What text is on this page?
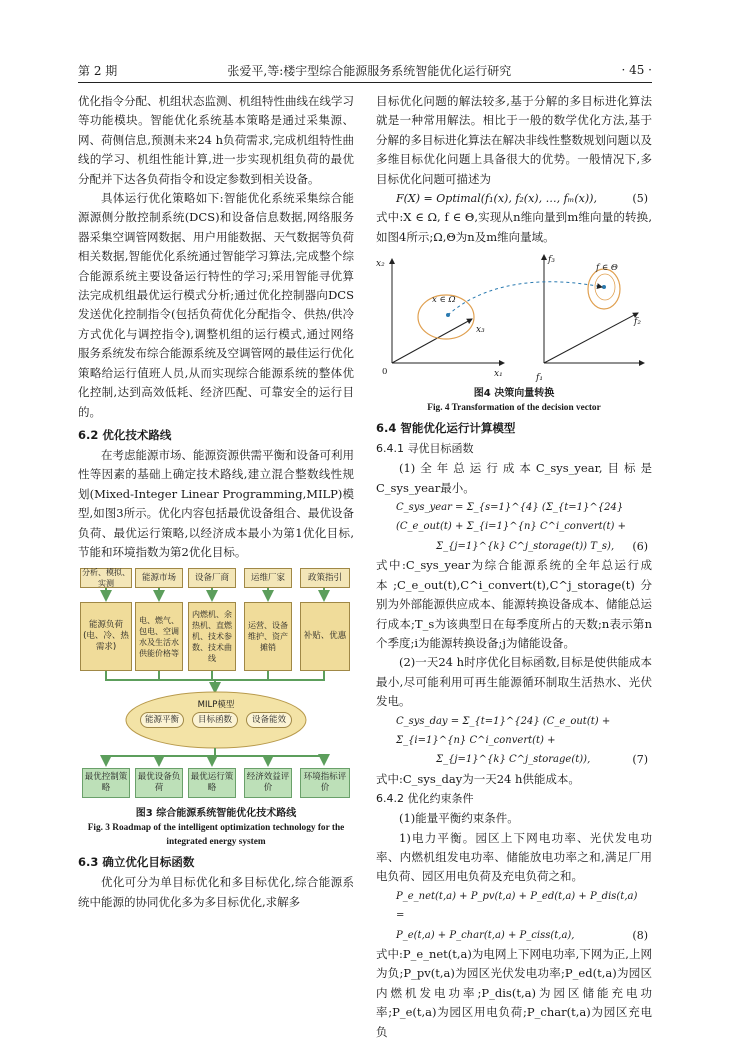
第 2 期	张爱平,等:楼宇型综合能源服务系统智能优化运行研究	· 45 ·

优化指令分配、机组状态监测、机组特性曲线在线学习等功能模块。智能优化系统基本策略是通过采集源、网、荷侧信息,预测未来24 h负荷需求,完成机组特性曲线的学习、机组性能计算,进一步实现机组负荷的最优分配并下达各负荷指令和设定参数到相关设备。

具体运行优化策略如下:智能优化系统采集综合能源源侧分散控制系统(DCS)和设备信息数据,网络服务器采集空调管网数据、用户用能数据、天气数据等负荷相关数据,智能优化系统通过智能学习算法,完成整个综合能源系统主要设备运行特性的学习;采用智能寻优算法完成机组最优运行模式分析;通过优化控制器向DCS发送优化控制指令(包括负荷优化分配指令、供热/供冷方式优化与调控指令),调整机组的运行模式,通过网络服务系统发布综合能源系统及空调管网的最佳运行优化策略给运行值班人员,从而实现综合能源系统的整体优化控制,达到高效低耗、经济匹配、可靠安全的运行目的。

6.2 优化技术路线

在考虑能源市场、能源资源供需平衡和设备可利用性等因素的基础上确定技术路线,建立混合整数线性规划(Mixed-Integer Linear Programming,MILP)模型,如图3所示。优化内容包括最优设备组合、最优设备负荷、最优运行策略,以经济成本最小为第1优化目标,节能和环境指数为第2优化目标。

分析、模拟、实测
能源市场	设备厂商	运维厂家	政策指引
能源负荷(电、冷、热需求)
电、燃气、包电、空调水及生活水供能价格等
内燃机、余热机、直燃机、技术参数、技术曲线
运营、设备维护、资产摊销
补贴、优惠
MILP模型
能源平衡	目标函数	设备能效
最优控制策略
最优设备负荷
最优运行策略
经济效益评价
环境指标评价
图3 综合能源系统智能优化技术路线
Fig. 3 Roadmap of the intelligent optimization technology for the integrated energy system
6.3 确立优化目标函数

优化可分为单目标优化和多目标优化,综合能源系统中能源的协同优化多为多目标优化,求解多

目标优化问题的解法较多,基于分解的多目标进化算法就是一种常用解法。相比于一般的数学优化方法,基于分解的多目标进化算法在解决非线性整数规划问题以及多维目标优化问题上具备很大的优势。一般情况下,多目标优化问题可描述为

F(X) = Optimal(f₁(x), f₂(x), …, fₘ(x)),	(5)

式中:X ∈ Ω, f ∈ Θ,实现从n维向量到m维向量的转换,如图4所示;Ω,Θ为n及m维向量域。

x₂
x₃
x₁
f₃
f₂
f₁
x ∈ Ω
f ∈ Θ
0
图4 决策向量转换
Fig. 4 Transformation of the decision vector
6.4 智能优化运行计算模型
6.4.1 寻优目标函数

(1)全年总运行成本C_sys_year,目标是C_sys_year最小。

C_sys_year = Σ_{s=1}^{4} (Σ_{t=1}^{24} (C_e_out(t) + Σ_{i=1}^{n} C^i_convert(t) +
Σ_{j=1}^{k} C^j_storage(t)) T_s), (6)

式中:C_sys_year为综合能源系统的全年总运行成本;C_e_out(t),C^i_convert(t),C^j_storage(t)分别为外部能源供应成本、能源转换设备成本、储能总运行成本;T_s为该典型日在每季度所占的天数;n表示第n个季度;i为能源转换设备;j为储能设备。

(2)一天24 h时序优化目标函数,目标是使供能成本最小,尽可能利用可再生能源循环制取生活热水、光伏发电。

C_sys_day = Σ_{t=1}^{24} (C_e_out(t) + Σ_{i=1}^{n} C^i_convert(t) +
Σ_{j=1}^{k} C^j_storage(t)),	(7)

式中:C_sys_day为一天24 h供能成本。

6.4.2 优化约束条件

(1)能量平衡约束条件。

1)电力平衡。园区上下网电功率、光伏发电功率、内燃机组发电功率、储能放电功率之和,满足厂用电负荷、园区用电负荷及充电负荷之和。

P_e_net(t,a) + P_pv(t,a) + P_ed(t,a) + P_dis(t,a) =
P_e(t,a) + P_char(t,a) + P_ciss(t,a),	(8)

式中:P_e_net(t,a)为电网上下网电功率,下网为正,上网为负;P_pv(t,a)为园区光伏发电功率;P_ed(t,a)为园区内燃机发电功率;P_dis(t,a)为园区储能充电功率;P_e(t,a)为园区用电负荷;P_char(t,a)为园区充电负
